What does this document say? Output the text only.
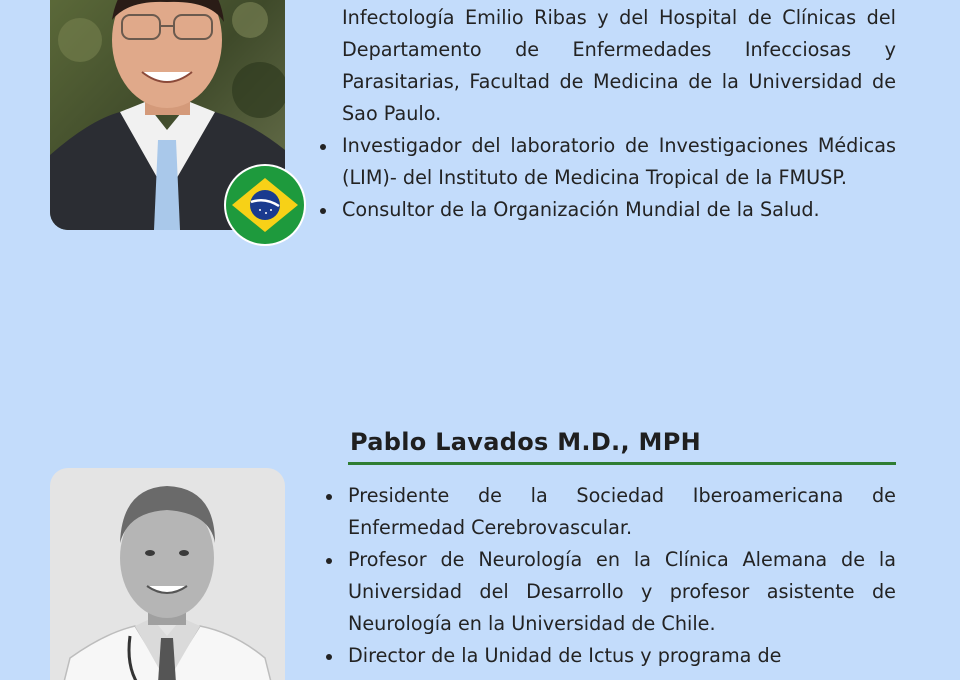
Infectología Emilio Ribas y del Hospital de Clínicas del Departamento de Enfermedades Infecciosas y Parasitarias, Facultad de Medicina de la Universidad de Sao Paulo.
Investigador del laboratorio de Investigaciones Médicas (LIM)- del Instituto de Medicina Tropical de la FMUSP.
Consultor de la Organización Mundial de la Salud.
Pablo Lavados M.D., MPH
Presidente de la Sociedad Iberoamericana de Enfermedad Cerebrovascular.
Profesor de Neurología en la Clínica Alemana de la Universidad del Desarrollo y profesor asistente de Neurología en la Universidad de Chile.
Director de la Unidad de Ictus y programa de
